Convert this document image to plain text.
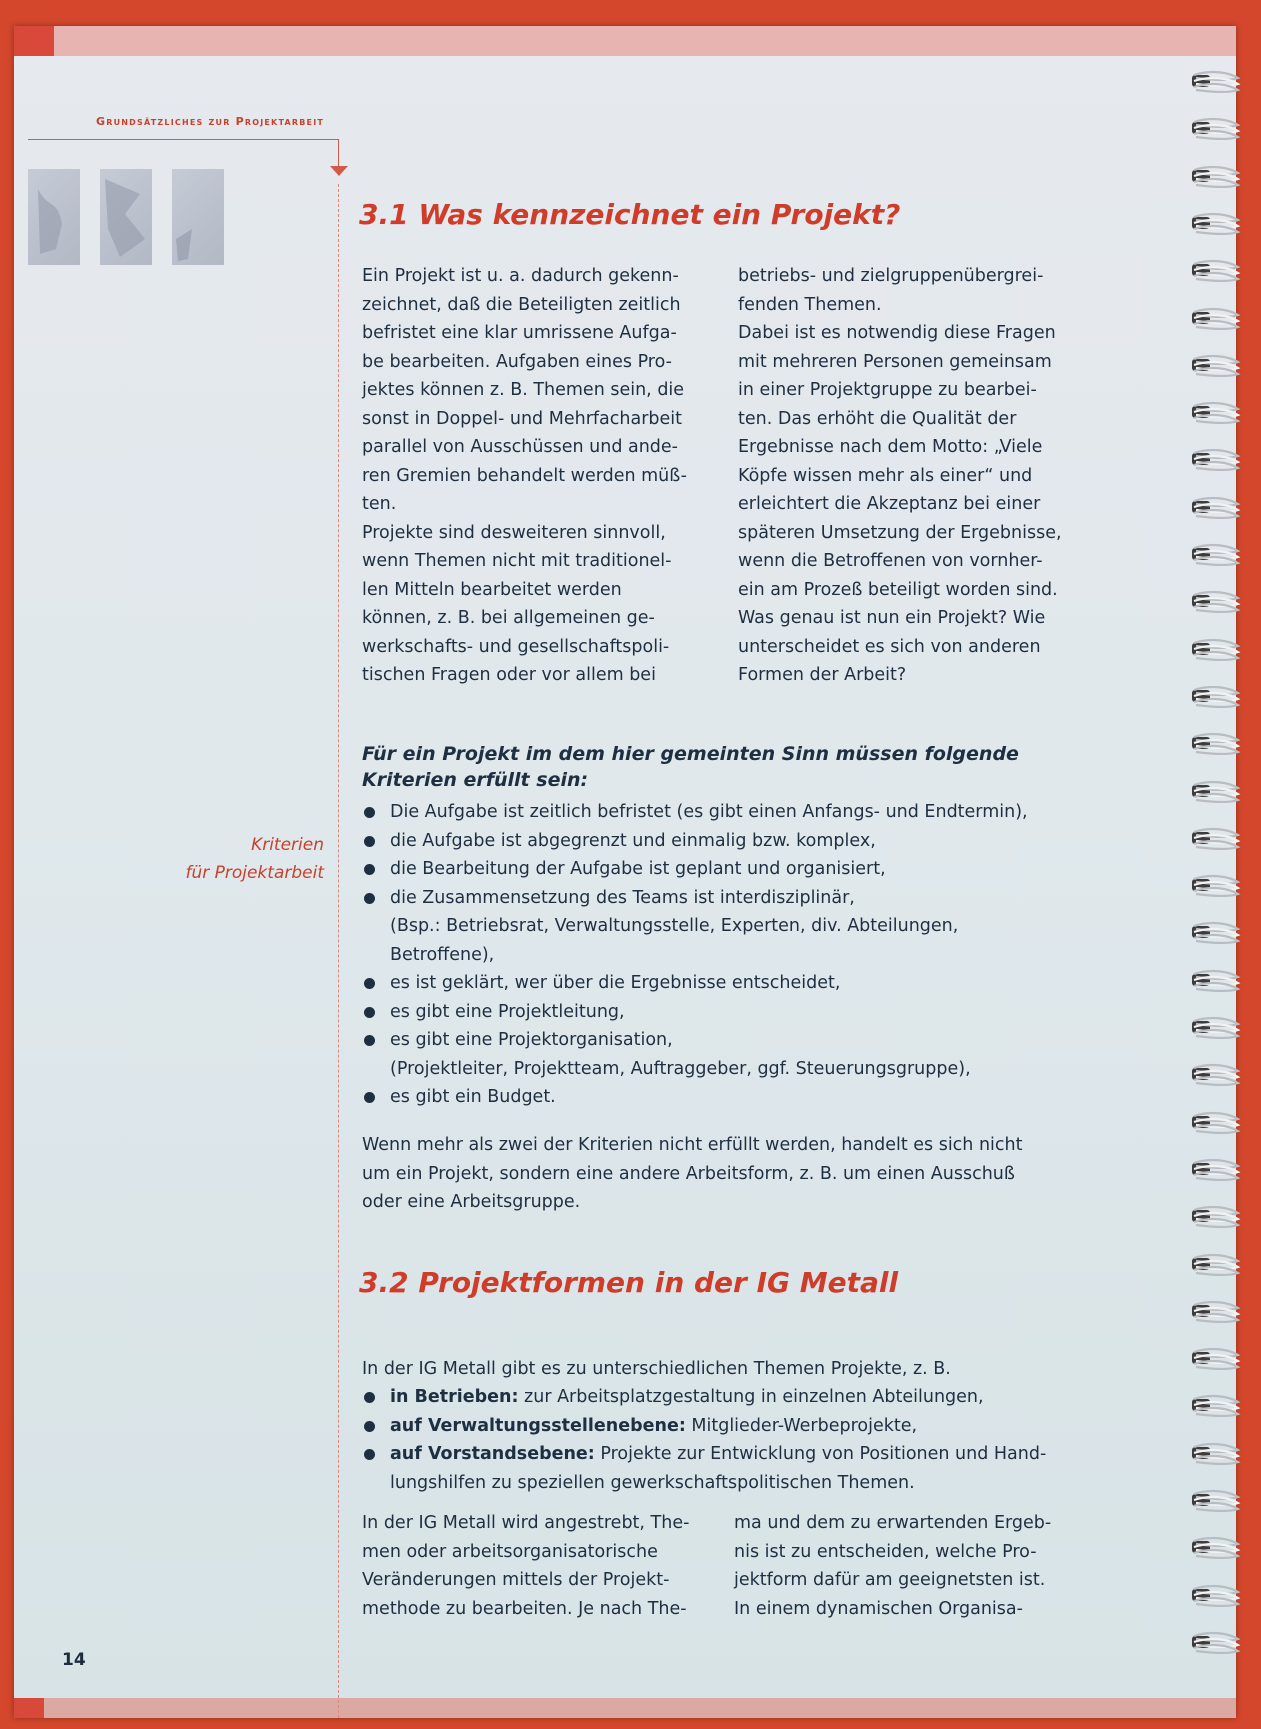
Grundsätzliches zur Projektarbeit
Kriterien
für Projektarbeit
14
3.1 Was kennzeichnet ein Projekt?

Ein Projekt ist u. a. dadurch gekenn-

zeichnet, daß die Beteiligten zeitlich

befristet eine klar umrissene Aufga-

be bearbeiten. Aufgaben eines Pro-

jektes können z. B. Themen sein, die

sonst in Doppel- und Mehrfacharbeit

parallel von Ausschüssen und ande-

ren Gremien behandelt werden müß-

ten.

Projekte sind desweiteren sinnvoll,

wenn Themen nicht mit traditionel-

len Mitteln bearbeitet werden

können, z. B. bei allgemeinen ge-

werkschafts- und gesellschaftspoli-

tischen Fragen oder vor allem bei

betriebs- und zielgruppenübergrei-

fenden Themen.

Dabei ist es notwendig diese Fragen

mit mehreren Personen gemeinsam

in einer Projektgruppe zu bearbei-

ten. Das erhöht die Qualität der

Ergebnisse nach dem Motto: „Viele

Köpfe wissen mehr als einer“ und

erleichtert die Akzeptanz bei einer

späteren Umsetzung der Ergebnisse,

wenn die Betroffenen von vornher-

ein am Prozeß beteiligt worden sind.

Was genau ist nun ein Projekt? Wie

unterscheidet es sich von anderen

Formen der Arbeit?

Für ein Projekt im dem hier gemeinten Sinn müssen folgende
Kriterien erfüllt sein:
Die Aufgabe ist zeitlich befristet (es gibt einen Anfangs- und Endtermin),
die Aufgabe ist abgegrenzt und einmalig bzw. komplex,
die Bearbeitung der Aufgabe ist geplant und organisiert,
die Zusammensetzung des Teams ist interdisziplinär,
(Bsp.: Betriebsrat, Verwaltungsstelle, Experten, div. Abteilungen,
Betroffene),
es ist geklärt, wer über die Ergebnisse entscheidet,
es gibt eine Projektleitung,
es gibt eine Projektorganisation,
(Projektleiter, Projektteam, Auftraggeber, ggf. Steuerungsgruppe),
es gibt ein Budget.
Wenn mehr als zwei der Kriterien nicht erfüllt werden, handelt es sich nicht
um ein Projekt, sondern eine andere Arbeitsform, z. B. um einen Ausschuß
oder eine Arbeitsgruppe.
3.2 Projektformen in der IG Metall
In der IG Metall gibt es zu unterschiedlichen Themen Projekte, z. B.
in Betrieben: zur Arbeitsplatzgestaltung in einzelnen Abteilungen,
auf Verwaltungsstellenebene: Mitglieder-Werbeprojekte,
auf Vorstandsebene: Projekte zur Entwicklung von Positionen und Hand-
lungshilfen zu speziellen gewerkschaftspolitischen Themen.

In der IG Metall wird angestrebt, The-

men oder arbeitsorganisatorische

Veränderungen mittels der Projekt-

methode zu bearbeiten. Je nach The-

ma und dem zu erwartenden Ergeb-

nis ist zu entscheiden, welche Pro-

jektform dafür am geeignetsten ist.

In einem dynamischen Organisa-
